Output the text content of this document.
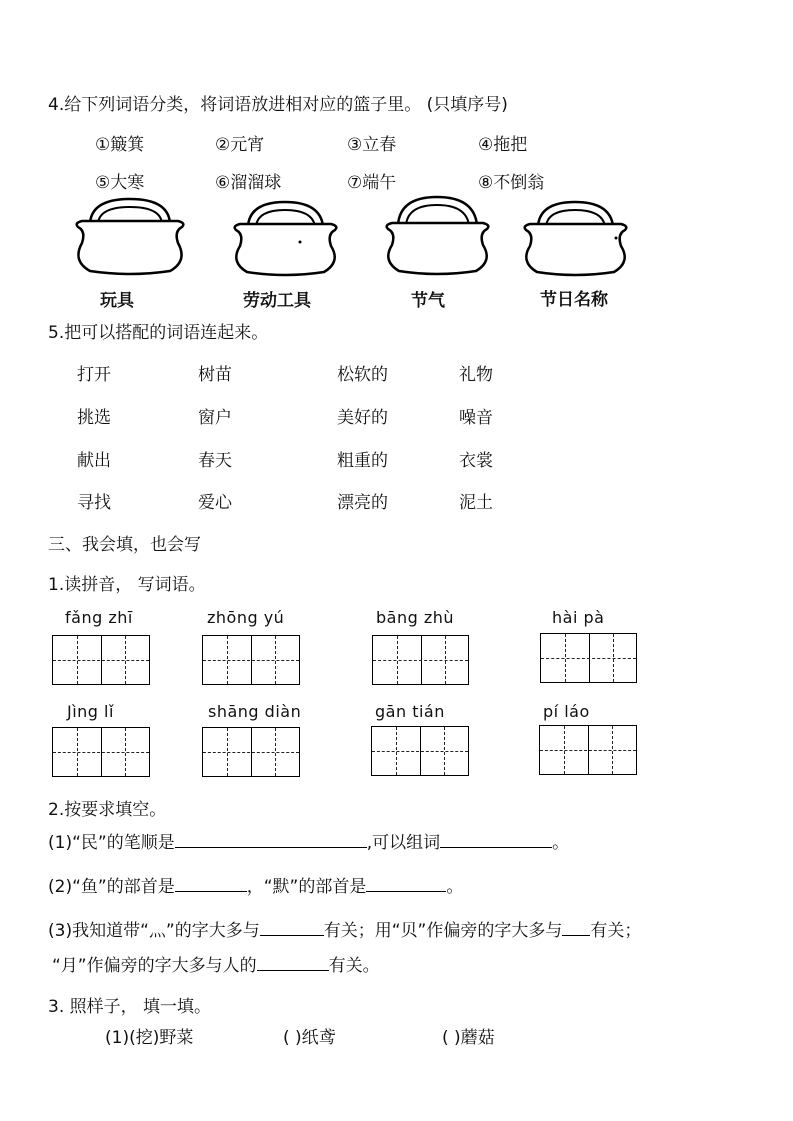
4.给下列词语分类，将词语放进相对应的篮子里。 (只填序号)
①簸箕	②元宵	③立春	④拖把
⑤大寒	⑥溜溜球	⑦端午	⑧不倒翁
玩具	劳动工具	节气	节日名称
5.把可以搭配的词语连起来。
打开	树苗	松软的	礼物
挑选	窗户	美好的	噪音
献出	春天	粗重的	衣裳
寻找	爱心	漂亮的	泥土
三、我会填，也会写
1.读拼音， 写词语。
fǎng zhī	zhōng yú	bāng zhù	hài pà
Jìng lǐ	shāng diàn	gān tián	pí láo
2.按要求填空。
(1)“民”的笔顺是	,可以组词	。
(2)“鱼”的部首是	，“默”的部首是	。
(3)我知道带“灬”的字大多与	有关；用“贝”作偏旁的字大多与 有关；
“月”作偏旁的字大多与人的	有关。
3. 照样子， 填一填。
(1)(挖)野菜	( )纸鸢	( )蘑菇
